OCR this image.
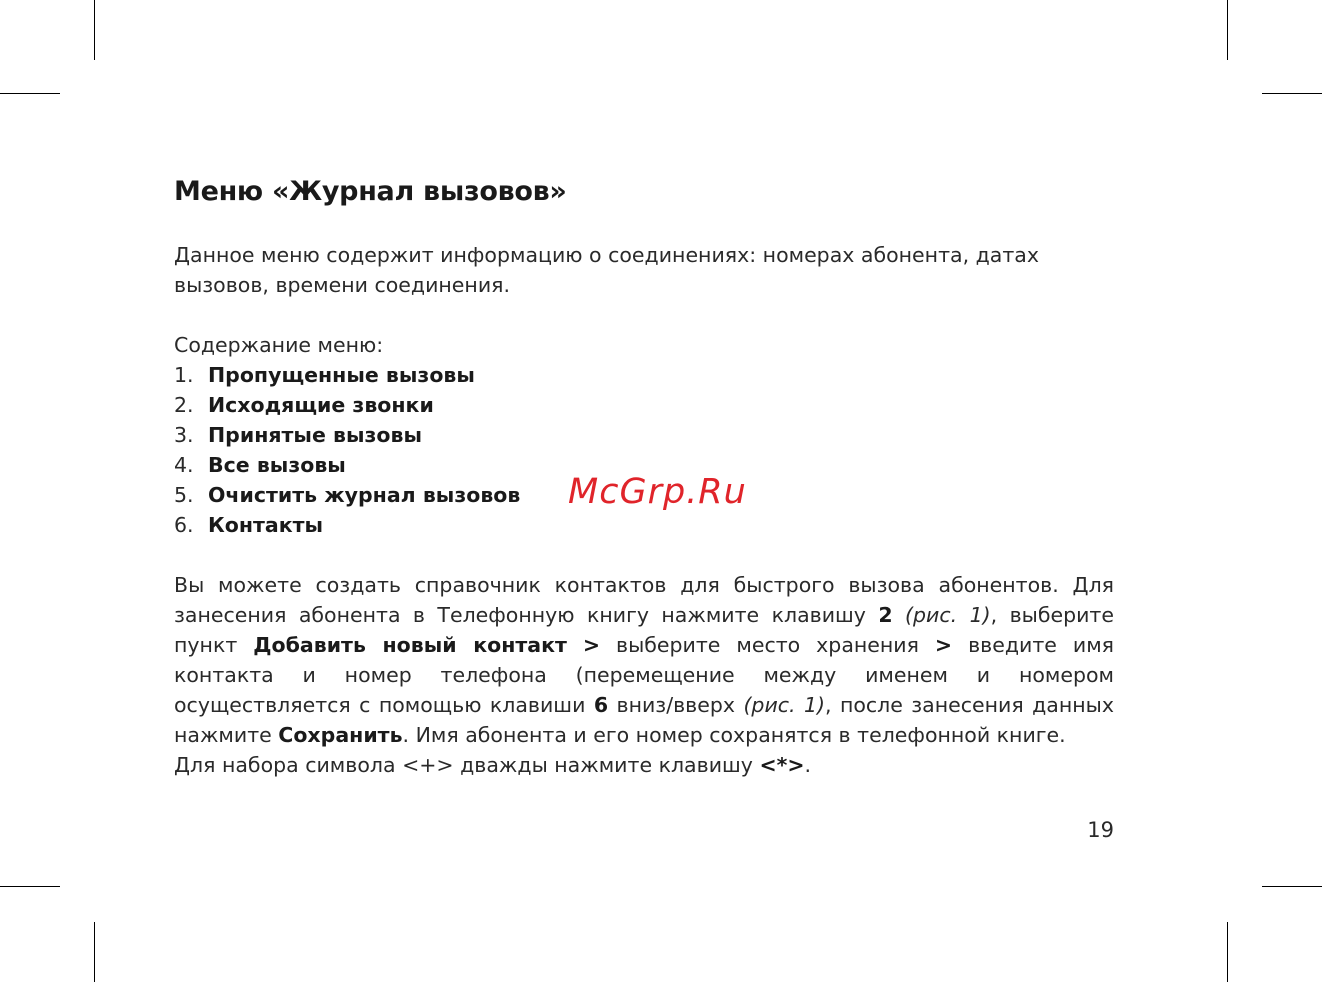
Меню «Журнал вызовов»

Данное меню содержит информацию о соединениях: номерах абонента, датах вызовов, времени соединения.

Содержание меню:

1. Пропущенные вызовы
2. Исходящие звонки
3. Принятые вызовы
4. Все вызовы
5. Очистить журнал вызовов
6. Контакты

Вы можете создать справочник контактов для быстрого вызова абонентов. Для занесения абонента в Телефонную книгу нажмите клавишу 2 (рис. 1), выберите пункт Добавить новый контакт > выберите место хранения > введите имя контакта и номер телефона (перемещение между именем и номером осуществляется с помощью клавиши 6 вниз/вверх (рис. 1), после занесения данных нажмите Сохранить. Имя абонента и его номер сохранятся в телефонной книге.

Для набора символа <+> дважды нажмите клавишу <*>.

McGrp.Ru
19
